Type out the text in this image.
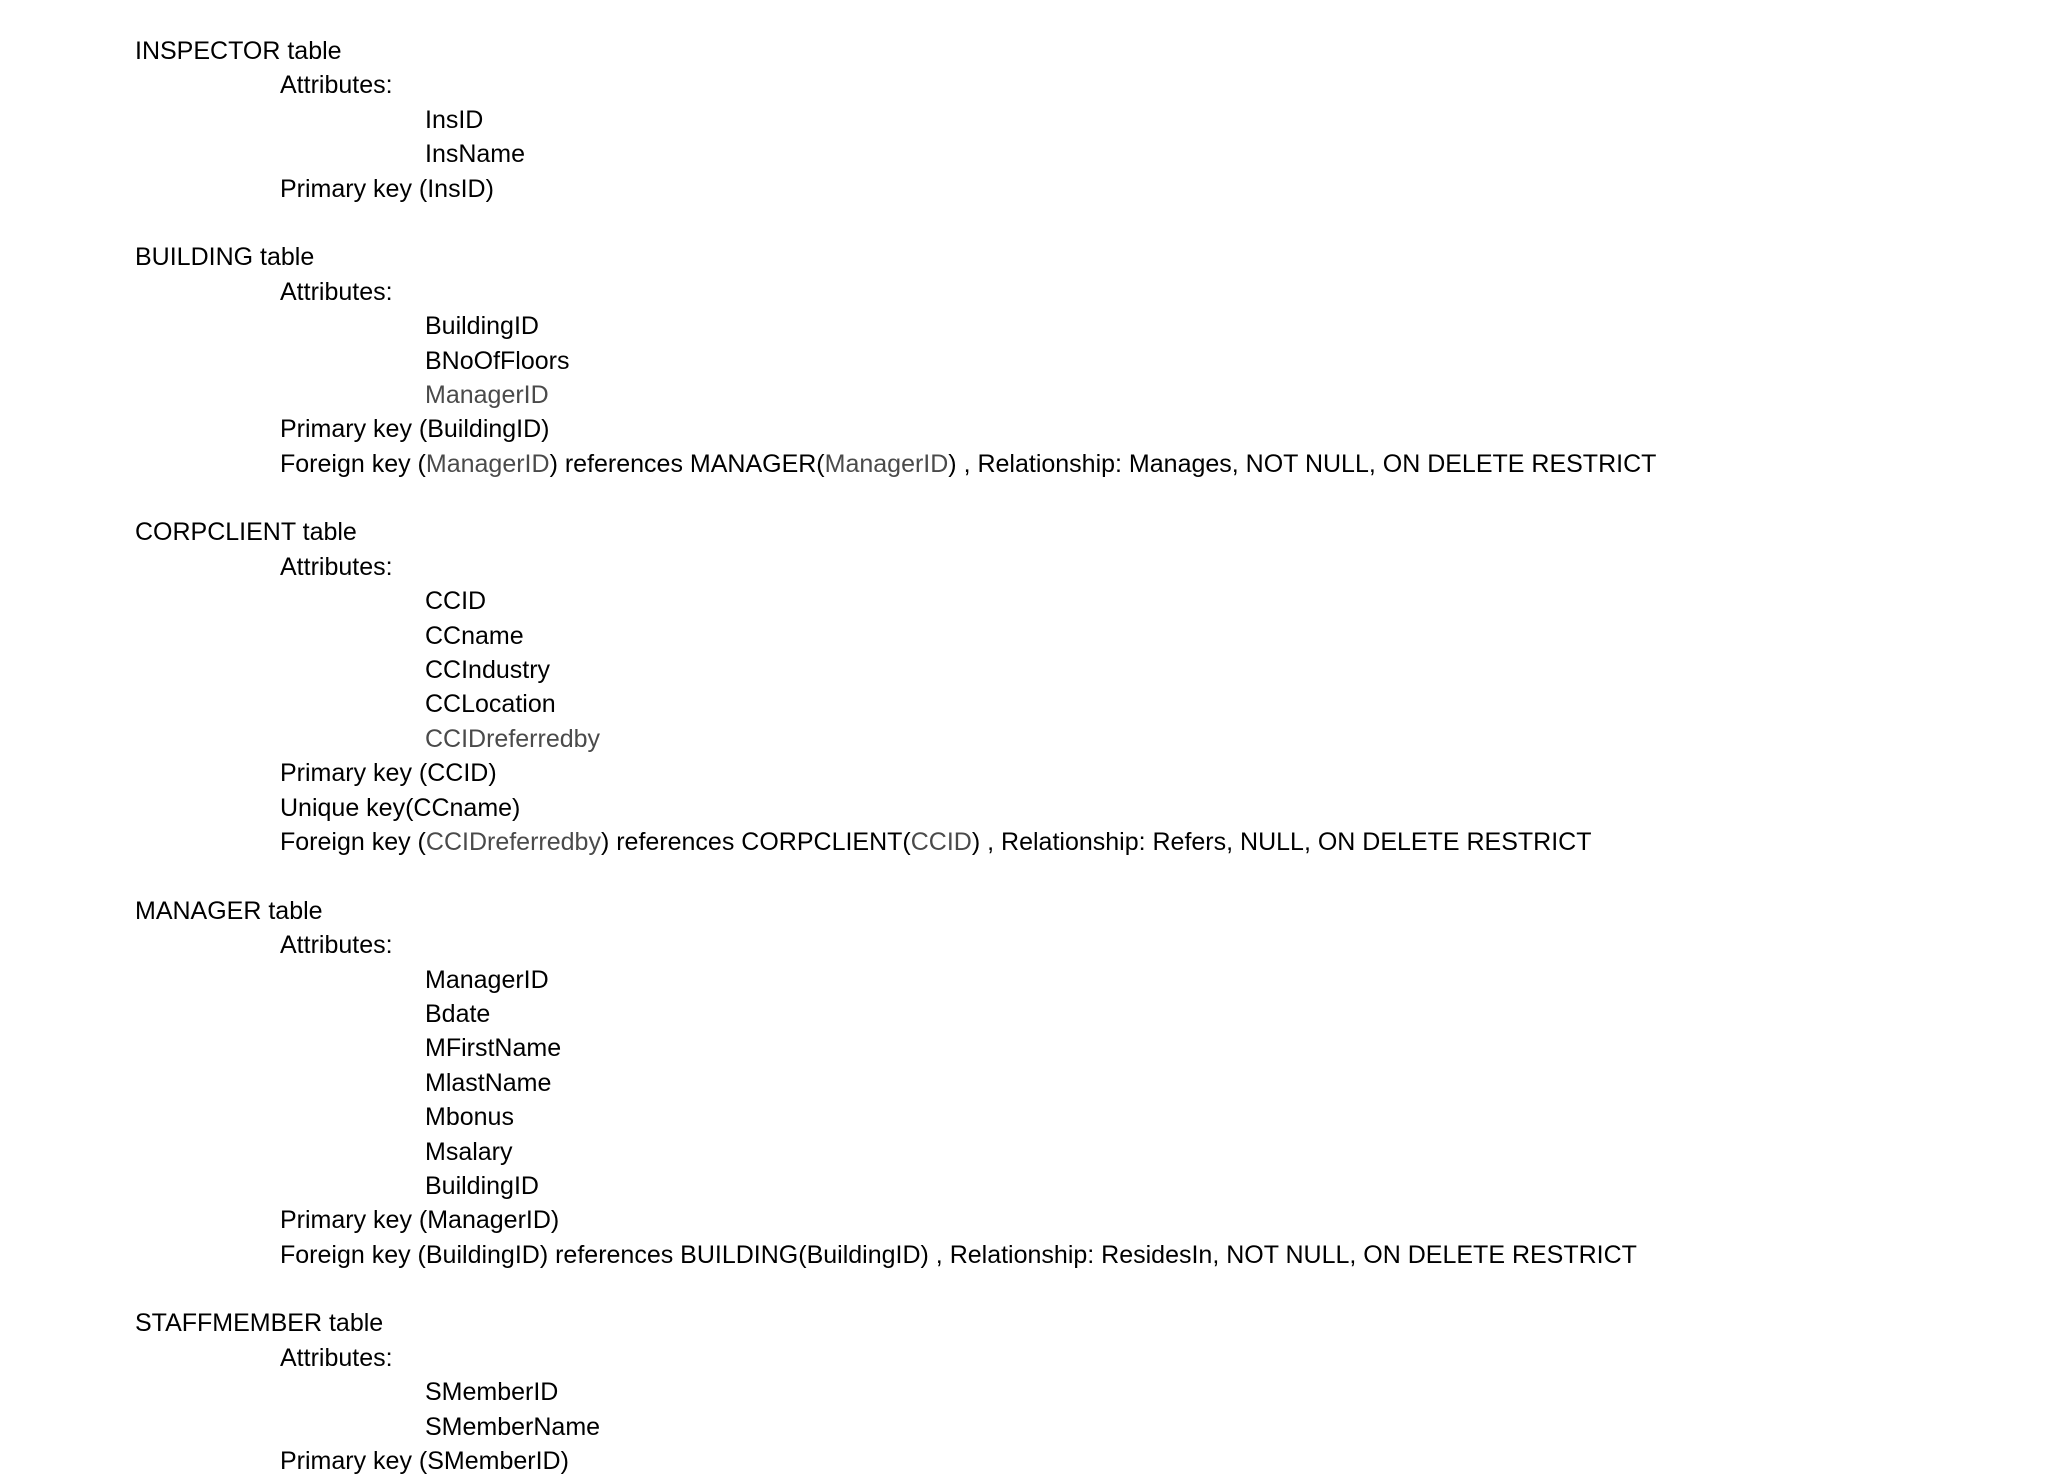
INSPECTOR table
Attributes:
InsID
InsName
Primary key (InsID)
BUILDING table
Attributes:
BuildingID
BNoOfFloors
ManagerID
Primary key (BuildingID)
Foreign key (ManagerID) references MANAGER(ManagerID) , Relationship: Manages, NOT NULL, ON DELETE RESTRICT
CORPCLIENT table
Attributes:
CCID
CCname
CCIndustry
CCLocation
CCIDreferredby
Primary key (CCID)
Unique key(CCname)
Foreign key (CCIDreferredby) references CORPCLIENT(CCID) , Relationship: Refers, NULL, ON DELETE RESTRICT
MANAGER table
Attributes:
ManagerID
Bdate
MFirstName
MlastName
Mbonus
Msalary
BuildingID
Primary key (ManagerID)
Foreign key (BuildingID) references BUILDING(BuildingID) , Relationship: ResidesIn, NOT NULL, ON DELETE RESTRICT
STAFFMEMBER table
Attributes:
SMemberID
SMemberName
Primary key (SMemberID)
